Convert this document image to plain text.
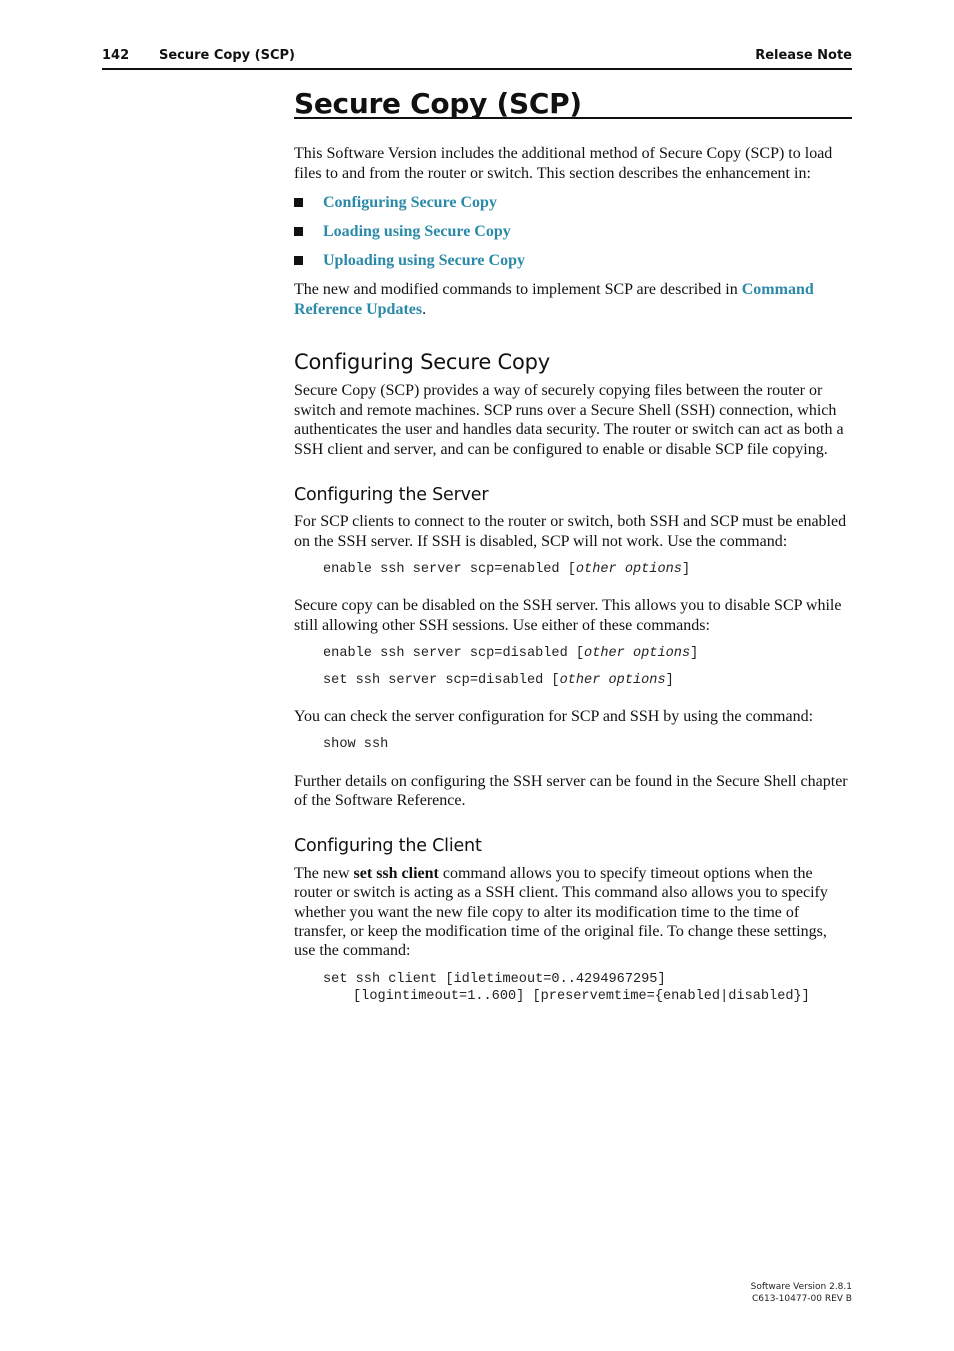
142 Secure Copy (SCP)	Release Note
Secure Copy (SCP)

This Software Version includes the additional method of Secure Copy (SCP) to load files to and from the router or switch. This section describes the enhancement in:

Configuring Secure Copy
Loading using Secure Copy
Uploading using Secure Copy

The new and modified commands to implement SCP are described in Command Reference Updates.

Configuring Secure Copy

Secure Copy (SCP) provides a way of securely copying files between the router or switch and remote machines. SCP runs over a Secure Shell (SSH) connection, which authenticates the user and handles data security. The router or switch can act as both a SSH client and server, and can be configured to enable or disable SCP file copying.

Configuring the Server

For SCP clients to connect to the router or switch, both SSH and SCP must be enabled on the SSH server. If SSH is disabled, SCP will not work. Use the command:

enable ssh server scp=enabled [other options]

Secure copy can be disabled on the SSH server. This allows you to disable SCP while still allowing other SSH sessions. Use either of these commands:

enable ssh server scp=disabled [other options]
set ssh server scp=disabled [other options]

You can check the server configuration for SCP and SSH by using the command:

show ssh

Further details on configuring the SSH server can be found in the Secure Shell chapter of the Software Reference.

Configuring the Client

The new set ssh client command allows you to specify timeout options when the router or switch is acting as a SSH client. This command also allows you to specify whether you want the new file copy to alter its modification time to the time of transfer, or keep the modification time of the original file. To change these settings, use the command:

set ssh client [idletimeout=0..4294967295]
[logintimeout=1..600] [preservemtime={enabled|disabled}]
Software Version 2.8.1
C613-10477-00 REV B
